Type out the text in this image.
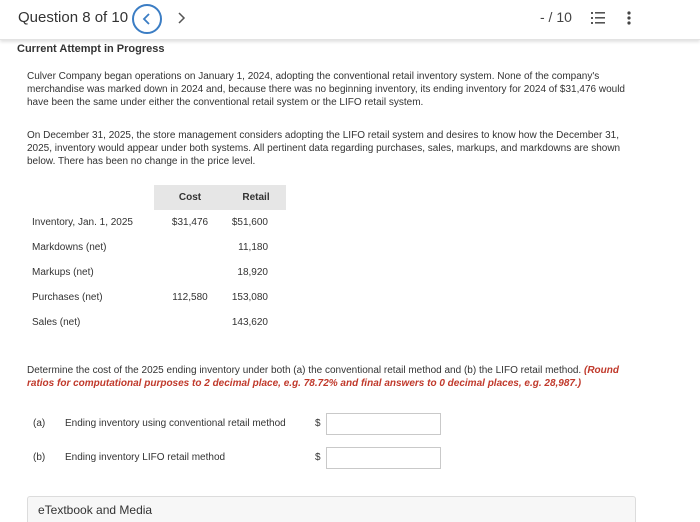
Question 8 of 10	- / 10
Current Attempt in Progress

Culver Company began operations on January 1, 2024, adopting the conventional retail inventory system. None of the company's merchandise was marked down in 2024 and, because there was no beginning inventory, its ending inventory for 2024 of $31,476 would have been the same under either the conventional retail system or the LIFO retail system.

On December 31, 2025, the store management considers adopting the LIFO retail system and desires to know how the December 31, 2025, inventory would appear under both systems. All pertinent data regarding purchases, sales, markups, and markdowns are shown below. There has been no change in the price level.

	Cost	Retail
Inventory, Jan. 1, 2025	$31,476	$51,600
Markdowns (net)		11,180
Markups (net)		18,920
Purchases (net)	112,580	153,080
Sales (net)		143,620

Determine the cost of the 2025 ending inventory under both (a) the conventional retail method and (b) the LIFO retail method. (Round ratios for computational purposes to 2 decimal place, e.g. 78.72% and final answers to 0 decimal places, e.g. 28,987.)

(a) Ending inventory using conventional retail method	$
(b) Ending inventory LIFO retail method	$
eTextbook and Media
